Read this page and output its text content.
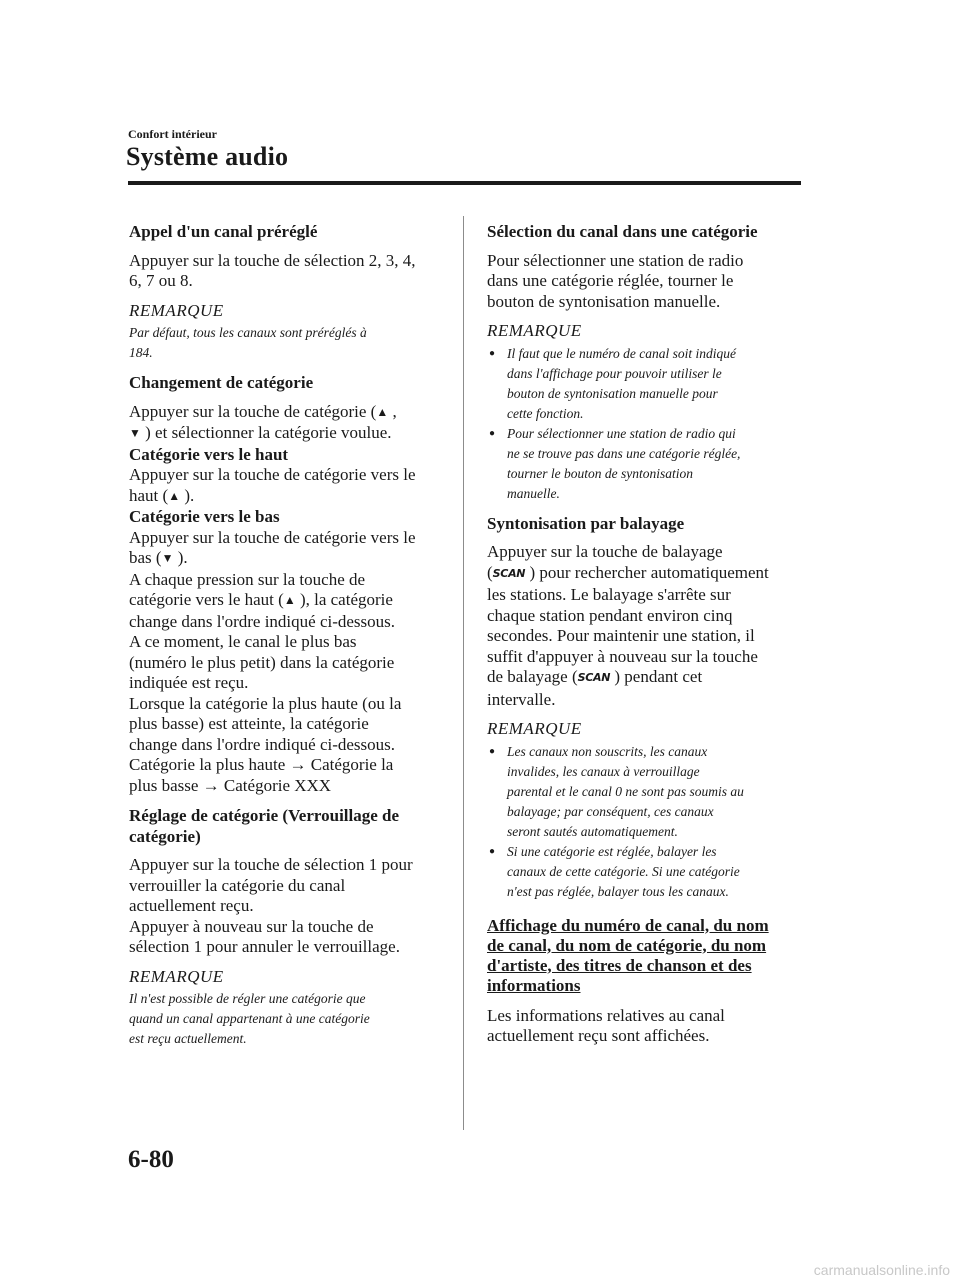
Confort intérieur
Système audio
Appel d'un canal préréglé

Appuyer sur la touche de sélection 2, 3, 4,
6, 7 ou 8.

REMARQUE
Par défaut, tous les canaux sont préréglés à
184.
Changement de catégorie

Appuyer sur la touche de catégorie (▲ ,
▼ ) et sélectionner la catégorie voulue.
Catégorie vers le haut
Appuyer sur la touche de catégorie vers le
haut (▲ ).
Catégorie vers le bas
Appuyer sur la touche de catégorie vers le
bas (▼ ).
A chaque pression sur la touche de
catégorie vers le haut (▲ ), la catégorie
change dans l'ordre indiqué ci-dessous.
A ce moment, le canal le plus bas
(numéro le plus petit) dans la catégorie
indiquée est reçu.
Lorsque la catégorie la plus haute (ou la
plus basse) est atteinte, la catégorie
change dans l'ordre indiqué ci-dessous.
Catégorie la plus haute → Catégorie la
plus basse → Catégorie XXX

Réglage de catégorie (Verrouillage de
catégorie)

Appuyer sur la touche de sélection 1 pour
verrouiller la catégorie du canal
actuellement reçu.
Appuyer à nouveau sur la touche de
sélection 1 pour annuler le verrouillage.

REMARQUE
Il n'est possible de régler une catégorie que
quand un canal appartenant à une catégorie
est reçu actuellement.
Sélection du canal dans une catégorie

Pour sélectionner une station de radio
dans une catégorie réglée, tourner le
bouton de syntonisation manuelle.

REMARQUE
● Il faut que le numéro de canal soit indiqué
dans l'affichage pour pouvoir utiliser le
bouton de syntonisation manuelle pour
cette fonction.
● Pour sélectionner une station de radio qui
ne se trouve pas dans une catégorie réglée,
tourner le bouton de syntonisation
manuelle.
Syntonisation par balayage

Appuyer sur la touche de balayage
(SCAN ) pour rechercher automatiquement
les stations. Le balayage s'arrête sur
chaque station pendant environ cinq
secondes. Pour maintenir une station, il
suffit d'appuyer à nouveau sur la touche
de balayage (SCAN ) pendant cet
intervalle.

REMARQUE
● Les canaux non souscrits, les canaux
invalides, les canaux à verrouillage
parental et le canal 0 ne sont pas soumis au
balayage; par conséquent, ces canaux
seront sautés automatiquement.
● Si une catégorie est réglée, balayer les
canaux de cette catégorie. Si une catégorie
n'est pas réglée, balayer tous les canaux.
Affichage du numéro de canal, du nom
de canal, du nom de catégorie, du nom
d'artiste, des titres de chanson et des
informations

Les informations relatives au canal
actuellement reçu sont affichées.

6-80
carmanualsonline.info
